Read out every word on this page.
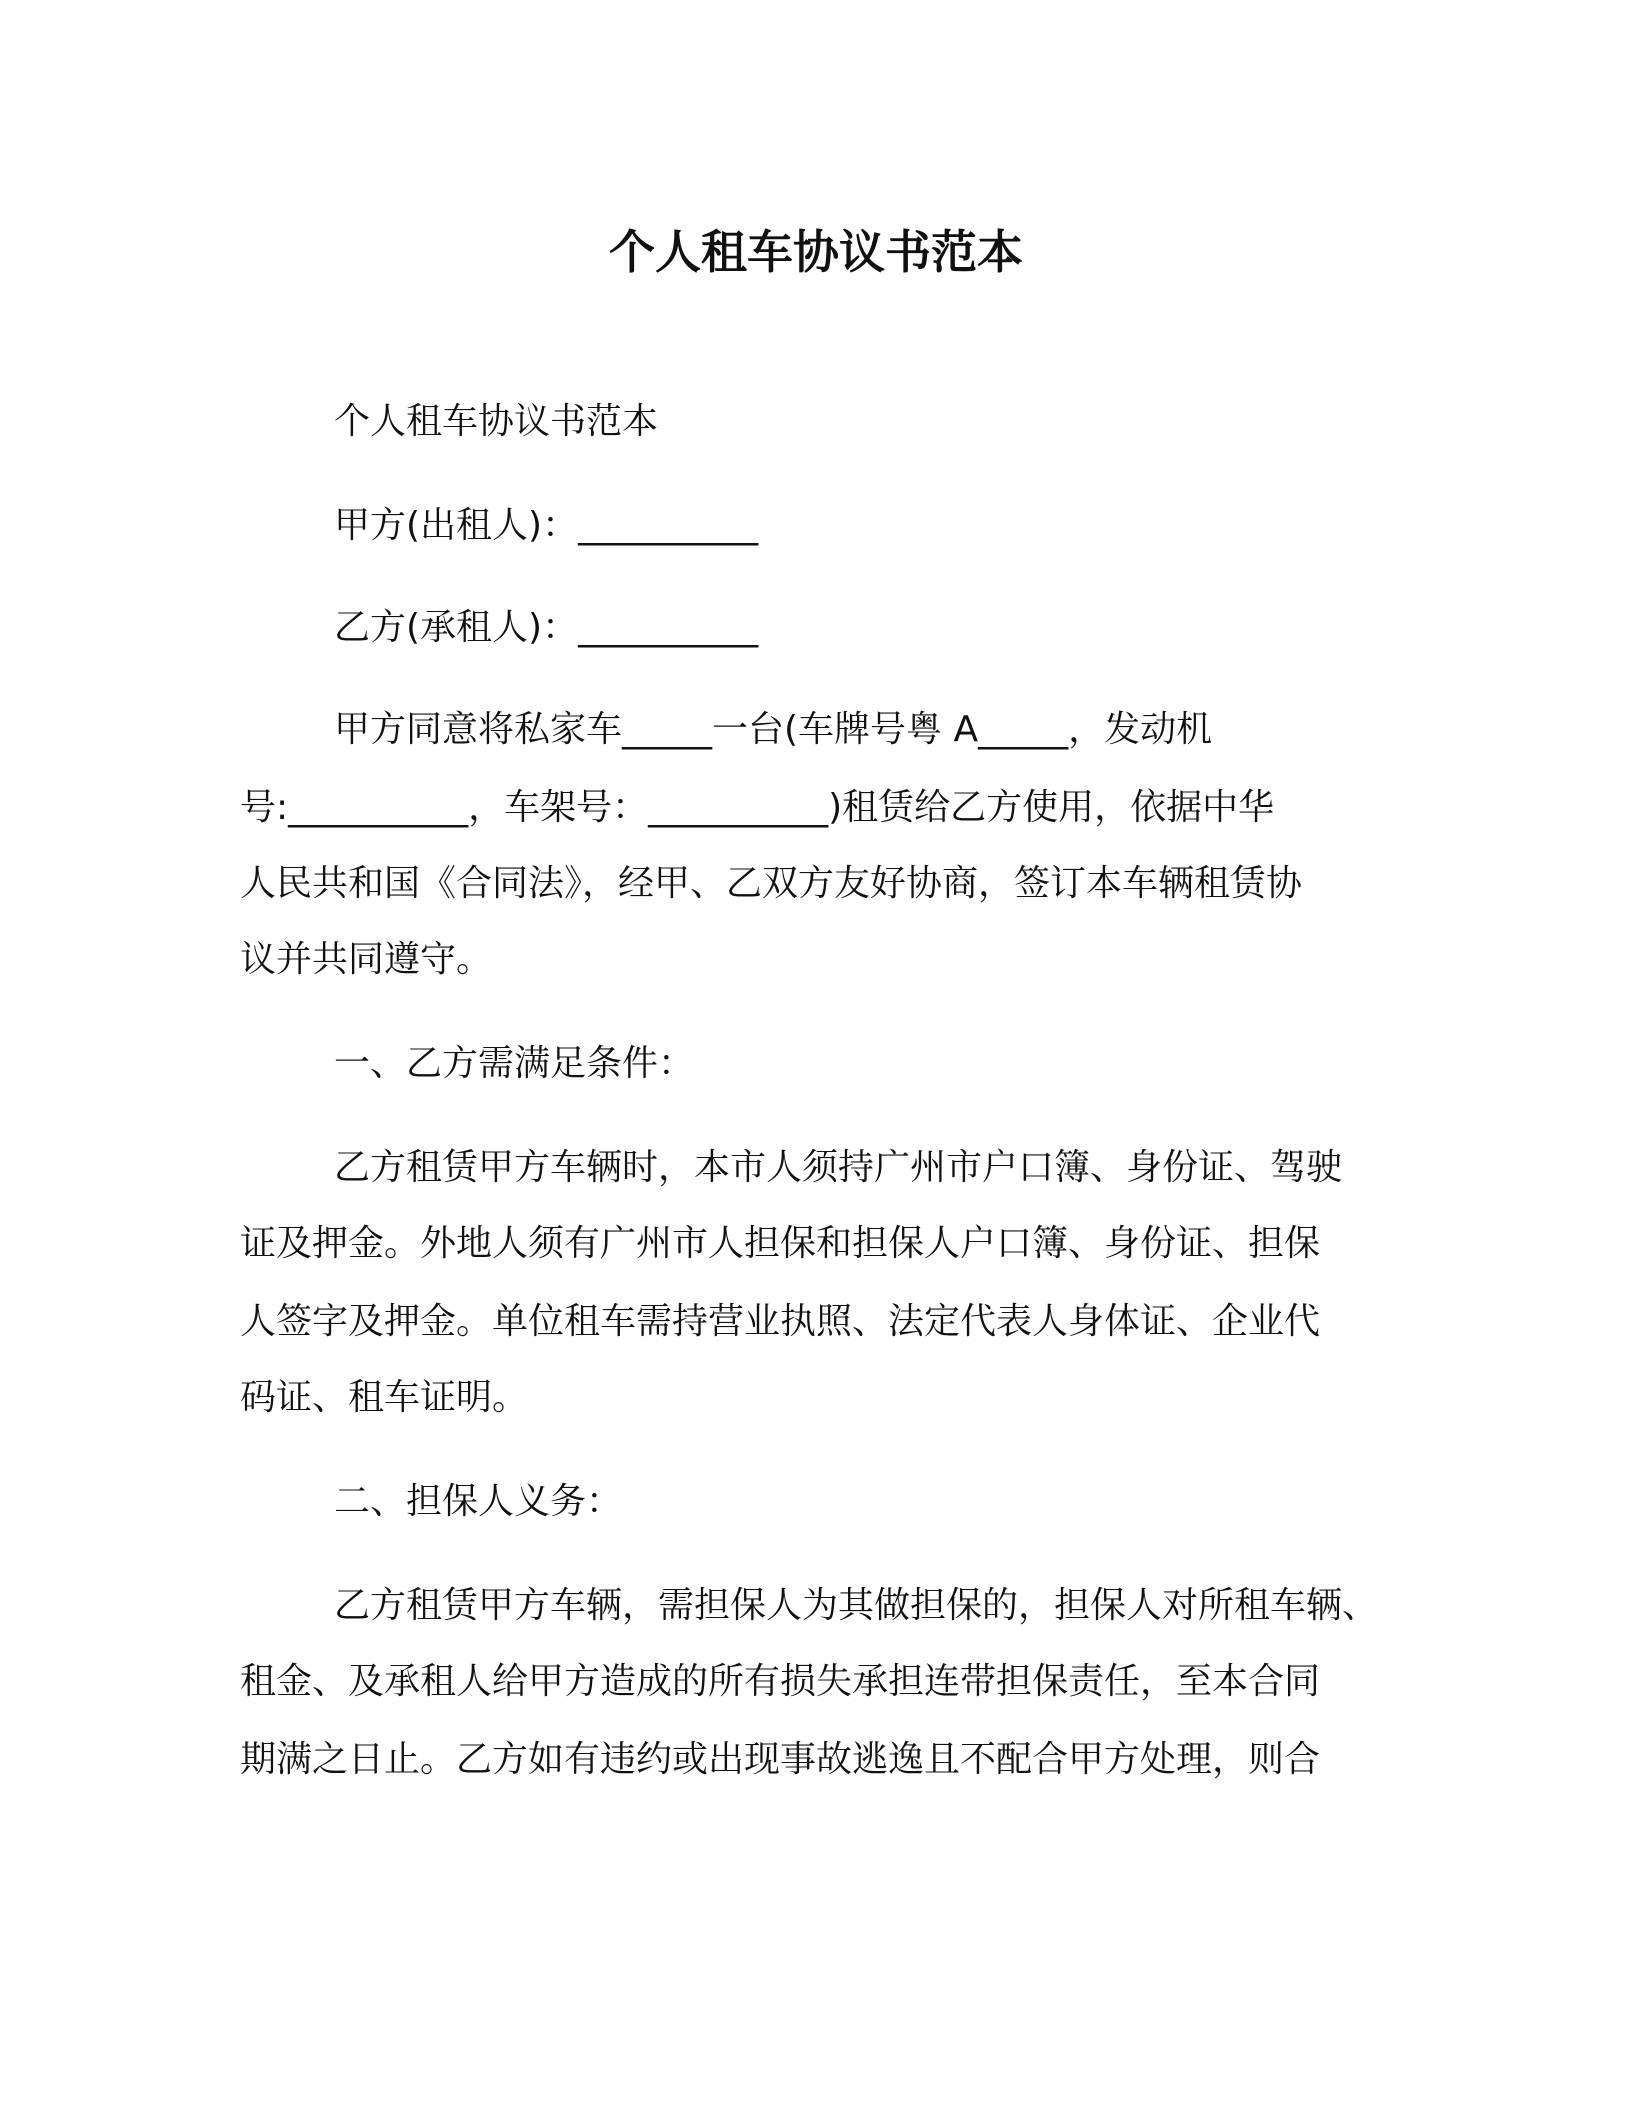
个人租车协议书范本
个人租车协议书范本
甲方(出租人)：__________
乙方(承租人)：__________
甲方同意将私家车_____一台(车牌号粤 A_____，发动机
号:__________，车架号：__________)租赁给乙方使用，依据中华
人民共和国《合同法》，经甲、乙双方友好协商，签订本车辆租赁协
议并共同遵守。
一、乙方需满足条件：
乙方租赁甲方车辆时，本市人须持广州市户口簿、身份证、驾驶
证及押金。外地人须有广州市人担保和担保人户口簿、身份证、担保
人签字及押金。单位租车需持营业执照、法定代表人身体证、企业代
码证、租车证明。
二、担保人义务：
乙方租赁甲方车辆，需担保人为其做担保的，担保人对所租车辆、
租金、及承租人给甲方造成的所有损失承担连带担保责任，至本合同
期满之日止。乙方如有违约或出现事故逃逸且不配合甲方处理，则合
